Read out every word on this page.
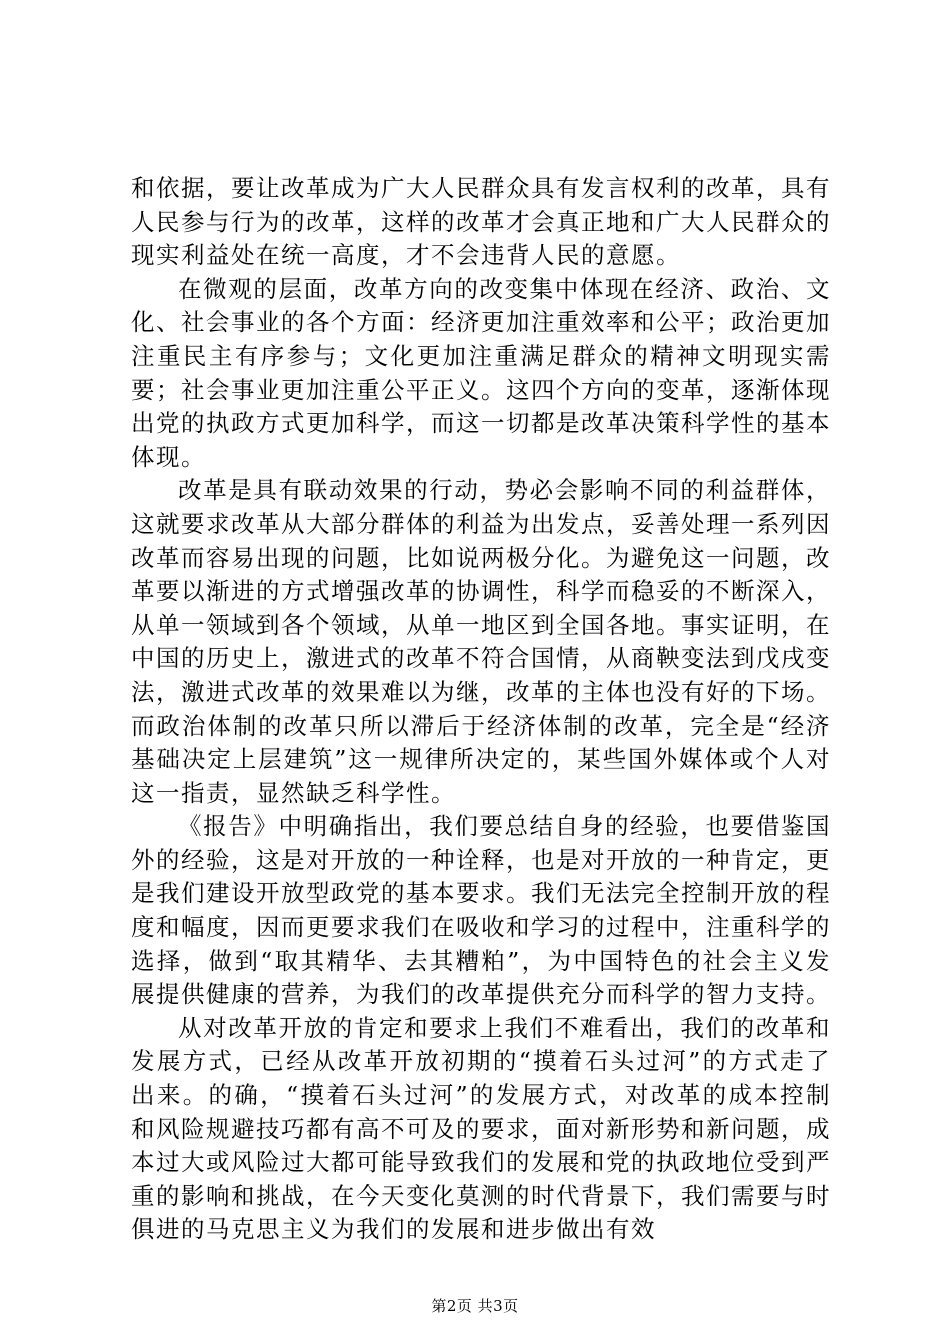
和依据，要让改革成为广大人民群众具有发言权利的改革，具有人民参与行为的改革，这样的改革才会真正地和广大人民群众的现实利益处在统一高度，才不会违背人民的意愿。

在微观的层面，改革方向的改变集中体现在经济、政治、文化、社会事业的各个方面：经济更加注重效率和公平；政治更加注重民主有序参与；文化更加注重满足群众的精神文明现实需要；社会事业更加注重公平正义。这四个方向的变革，逐渐体现出党的执政方式更加科学，而这一切都是改革决策科学性的基本体现。

改革是具有联动效果的行动，势必会影响不同的利益群体，这就要求改革从大部分群体的利益为出发点，妥善处理一系列因改革而容易出现的问题，比如说两极分化。为避免这一问题，改革要以渐进的方式增强改革的协调性，科学而稳妥的不断深入，从单一领域到各个领域，从单一地区到全国各地。事实证明，在中国的历史上，激进式的改革不符合国情，从商鞅变法到戊戌变法，激进式改革的效果难以为继，改革的主体也没有好的下场。而政治体制的改革只所以滞后于经济体制的改革，完全是“经济基础决定上层建筑”这一规律所决定的，某些国外媒体或个人对这一指责，显然缺乏科学性。

《报告》中明确指出，我们要总结自身的经验，也要借鉴国外的经验，这是对开放的一种诠释，也是对开放的一种肯定，更是我们建设开放型政党的基本要求。我们无法完全控制开放的程度和幅度，因而更要求我们在吸收和学习的过程中，注重科学的选择，做到“取其精华、去其糟粕”，为中国特色的社会主义发展提供健康的营养，为我们的改革提供充分而科学的智力支持。

从对改革开放的肯定和要求上我们不难看出，我们的改革和发展方式，已经从改革开放初期的“摸着石头过河”的方式走了出来。的确，“摸着石头过河”的发展方式，对改革的成本控制和风险规避技巧都有高不可及的要求，面对新形势和新问题，成本过大或风险过大都可能导致我们的发展和党的执政地位受到严重的影响和挑战，在今天变化莫测的时代背景下，我们需要与时俱进的马克思主义为我们的发展和进步做出有效

第2页 共3页
